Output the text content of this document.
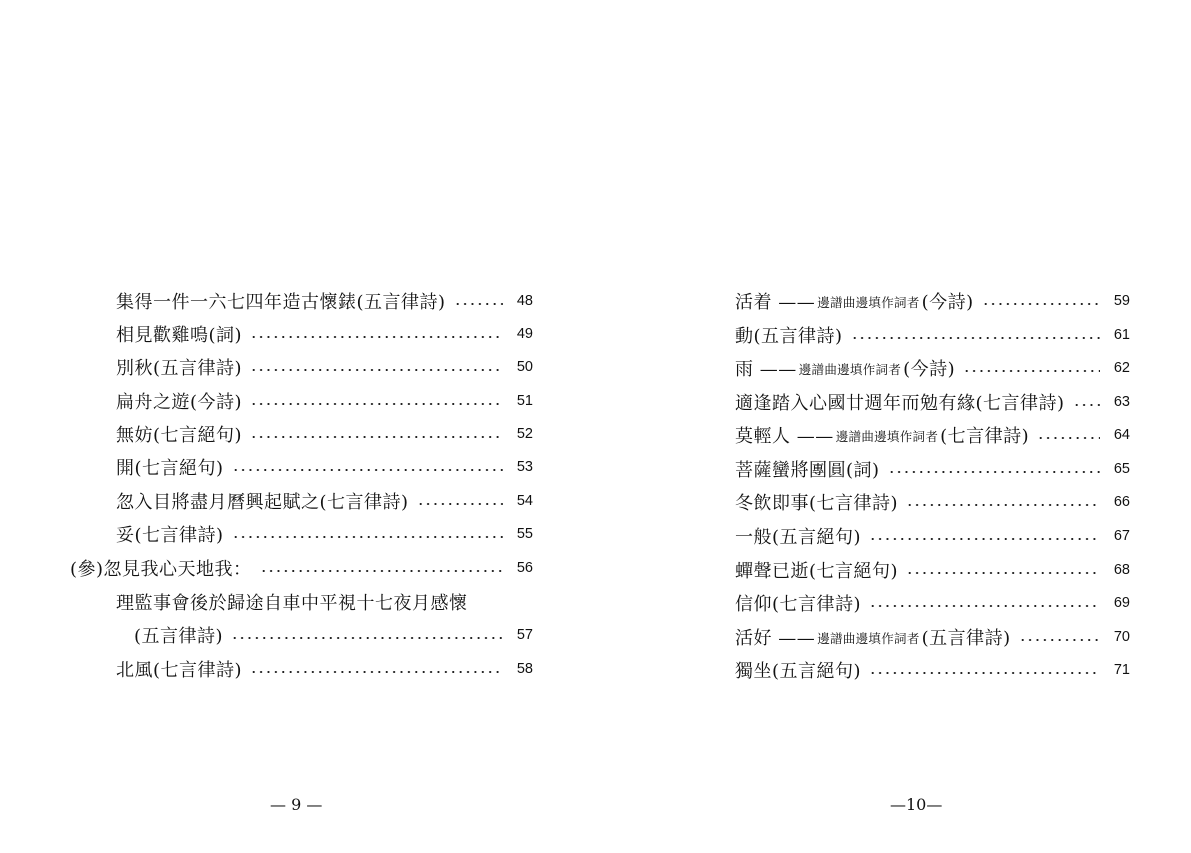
集得一件一六七四年造古懷錶(五言律詩)	48
相見歡雞鳴(詞)	49
別秋(五言律詩)	50
扁舟之遊(今詩)	51
無妨(七言絕句)	52
開(七言絕句)	53
忽入目將盡月曆興起賦之(七言律詩)	54
妥(七言律詩)	55
(參)忽見我心天地我：	56
理監事會後於歸途自車中平視十七夜月感懷
(五言律詩)	57
北風(七言律詩)	58
— 9 —
活着 —— 邊譜曲邊填作詞者 (今詩)	59
動(五言律詩)	61
雨 —— 邊譜曲邊填作詞者 (今詩)	62
適逢踏入心國廿週年而勉有緣(七言律詩)	63
莫輕人 —— 邊譜曲邊填作詞者 (七言律詩)	64
菩薩蠻將團圓(詞)	65
冬飲即事(七言律詩)	66
一般(五言絕句)	67
蟬聲已逝(七言絕句)	68
信仰(七言律詩)	69
活好 —— 邊譜曲邊填作詞者 (五言律詩)	70
獨坐(五言絕句)	71
—10—
